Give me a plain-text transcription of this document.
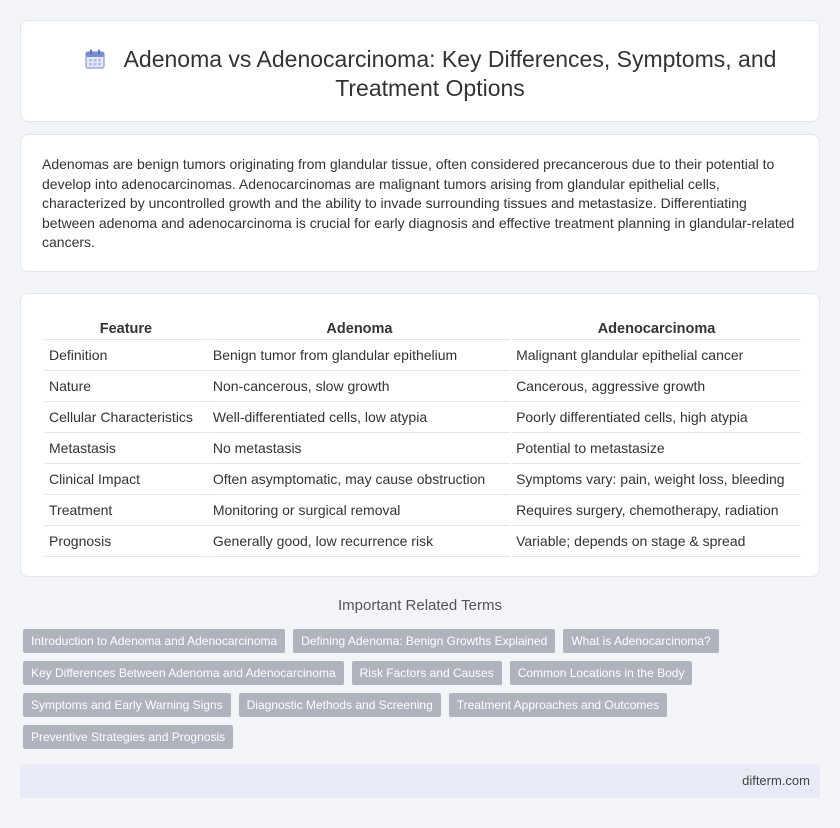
Adenoma vs Adenocarcinoma: Key Differences, Symptoms, and Treatment Options

Adenomas are benign tumors originating from glandular tissue, often considered precancerous due to their potential to develop into adenocarcinomas. Adenocarcinomas are malignant tumors arising from glandular epithelial cells, characterized by uncontrolled growth and the ability to invade surrounding tissues and metastasize. Differentiating between adenoma and adenocarcinoma is crucial for early diagnosis and effective treatment planning in glandular-related cancers.

Feature	Adenoma	Adenocarcinoma
Definition	Benign tumor from glandular epithelium	Malignant glandular epithelial cancer
Nature	Non-cancerous, slow growth	Cancerous, aggressive growth
Cellular Characteristics	Well-differentiated cells, low atypia	Poorly differentiated cells, high atypia
Metastasis	No metastasis	Potential to metastasize
Clinical Impact	Often asymptomatic, may cause obstruction	Symptoms vary: pain, weight loss, bleeding
Treatment	Monitoring or surgical removal	Requires surgery, chemotherapy, radiation
Prognosis	Generally good, low recurrence risk	Variable; depends on stage & spread
Important Related Terms
Introduction to Adenoma and Adenocarcinoma	Defining Adenoma: Benign Growths Explained	What is Adenocarcinoma?
Key Differences Between Adenoma and Adenocarcinoma	Risk Factors and Causes	Common Locations in the Body
Symptoms and Early Warning Signs	Diagnostic Methods and Screening	Treatment Approaches and Outcomes
Preventive Strategies and Prognosis
difterm.com
